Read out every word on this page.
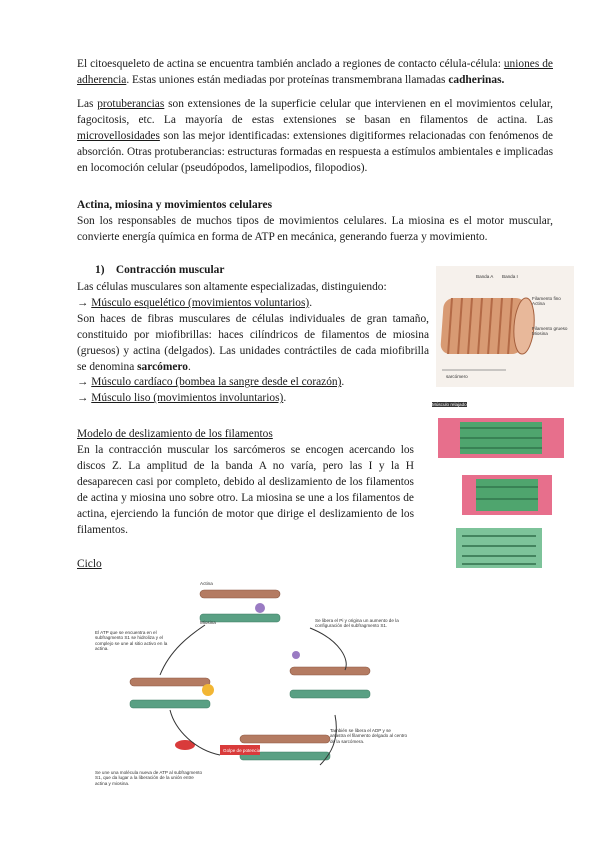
El citoesqueleto de actina se encuentra también anclado a regiones de contacto célula-célula: uniones de adherencia. Estas uniones están mediadas por proteínas transmembrana llamadas cadherinas.
Las protuberancias son extensiones de la superficie celular que intervienen en el movimientos celular, fagocitosis, etc. La mayoría de estas extensiones se basan en filamentos de actina. Las microvellosidades son las mejor identificadas: extensiones digitiformes relacionadas con fenómenos de absorción. Otras protuberancias: estructuras formadas en respuesta a estímulos ambientales e implicadas en locomoción celular (pseudópodos, lamelipodios, filopodios).
Actina, miosina y movimientos celulares
Son los responsables de muchos tipos de movimientos celulares. La miosina es el motor muscular, convierte energía química en forma de ATP en mecánica, generando fuerza y movimiento.
1) Contracción muscular
Las células musculares son altamente especializadas, distinguiendo:
→ Músculo esquelético (movimientos voluntarios).
Son haces de fibras musculares de células individuales de gran tamaño, constituido por miofibrillas: haces cilíndricos de filamentos de miosina (gruesos) y actina (delgados). Las unidades contráctiles de cada miofibrilla se denomina sarcómero.
→ Músculo cardíaco (bombea la sangre desde el corazón).
→ Músculo liso (movimientos involuntarios).
Modelo de deslizamiento de los filamentos
En la contracción muscular los sarcómeros se encogen acercando los discos Z. La amplitud de la banda A no varía, pero las I y la H desaparecen casi por completo, debido al deslizamiento de los filamentos de actina y miosina uno sobre otro. La miosina se une a los filamentos de actina, ejerciendo la función de motor que dirige el deslizamiento de los filamentos.
Ciclo
Banda A Banda I
Filamento fino Actina
Filamento grueso Miosina
sarcómero
Músculo relajado
Actina
Miosina
El ATP que se encuentra en el subfragmento S1 se hidroliza y el complejo se une al sitio activo en la actina.
Se libera el Pi y origina un aumento de la configuración del subfragmento S1.
También se libera el ADP y se arrastra el filamento delgado al centro de la sarcómera.
Se une una molécula nueva de ATP al subfragmento S1, que da lugar a la liberación de la unión entre actina y miosina.
Golpe de potencia
